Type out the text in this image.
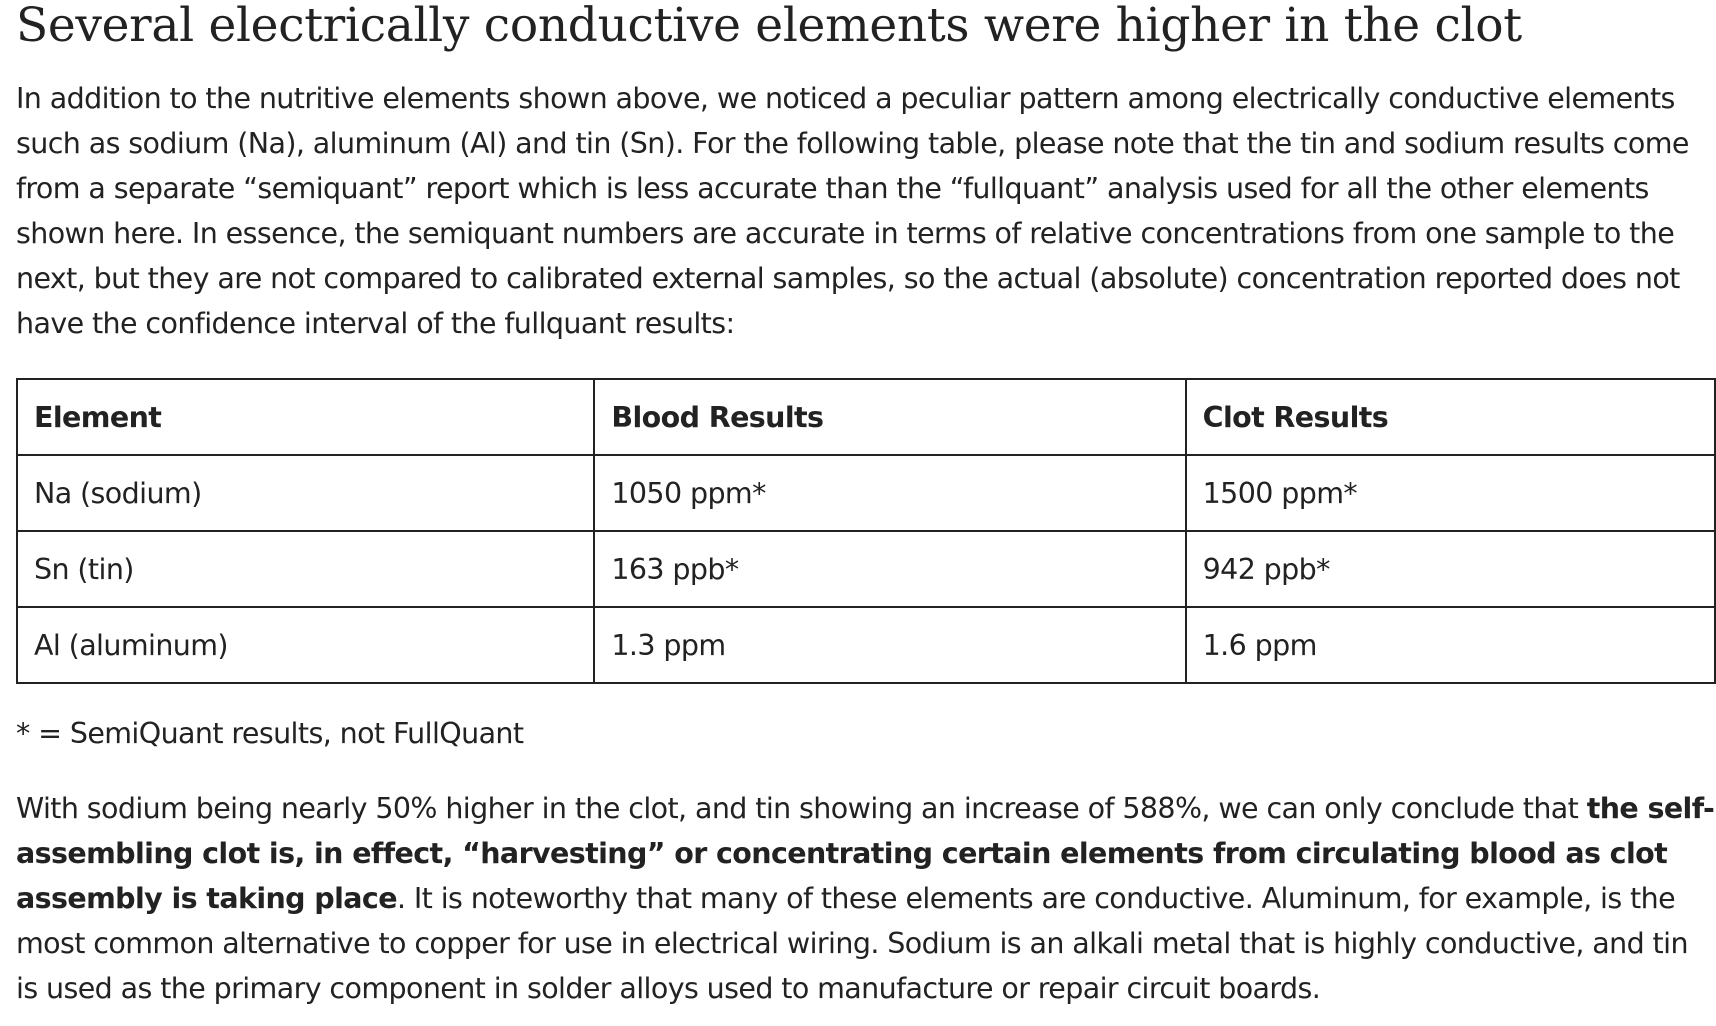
Several electrically conductive elements were higher in the clot

In addition to the nutritive elements shown above, we noticed a peculiar pattern among electrically conductive elements such as sodium (Na), aluminum (Al) and tin (Sn). For the following table, please note that the tin and sodium results come from a separate “semiquant” report which is less accurate than the “fullquant” analysis used for all the other elements shown here. In essence, the semiquant numbers are accurate in terms of relative concentrations from one sample to the next, but they are not compared to calibrated external samples, so the actual (absolute) concentration reported does not have the confidence interval of the fullquant results:

Element	Blood Results	Clot Results
Na (sodium)	1050 ppm*	1500 ppm*
Sn (tin)	163 ppb*	942 ppb*
Al (aluminum)	1.3 ppm	1.6 ppm

* = SemiQuant results, not FullQuant

With sodium being nearly 50% higher in the clot, and tin showing an increase of 588%, we can only conclude that the self-assembling clot is, in effect, “harvesting” or concentrating certain elements from circulating blood as clot assembly is taking place. It is noteworthy that many of these elements are conductive. Aluminum, for example, is the most common alternative to copper for use in electrical wiring. Sodium is an alkali metal that is highly conductive, and tin is used as the primary component in solder alloys used to manufacture or repair circuit boards.
